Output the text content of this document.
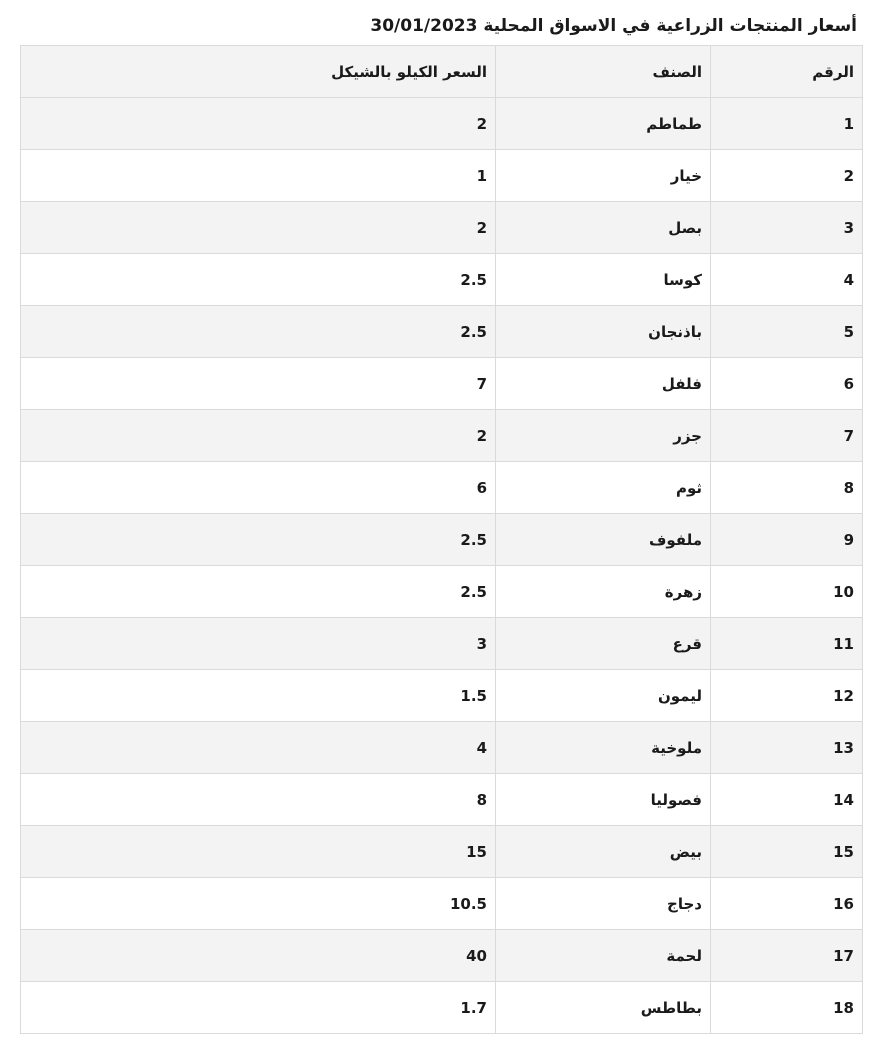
أسعار المنتجات الزراعية في الاسواق المحلية 30/01/2023
الرقم	الصنف	السعر الكيلو بالشيكل
1	طماطم	2
2	خيار	1
3	بصل	2
4	كوسا	2.5
5	باذنجان	2.5
6	فلفل	7
7	جزر	2
8	ثوم	6
9	ملفوف	2.5
10	زهرة	2.5
11	قرع	3
12	ليمون	1.5
13	ملوخية	4
14	فصوليا	8
15	بيض	15
16	دجاج	10.5
17	لحمة	40
18	بطاطس	1.7
